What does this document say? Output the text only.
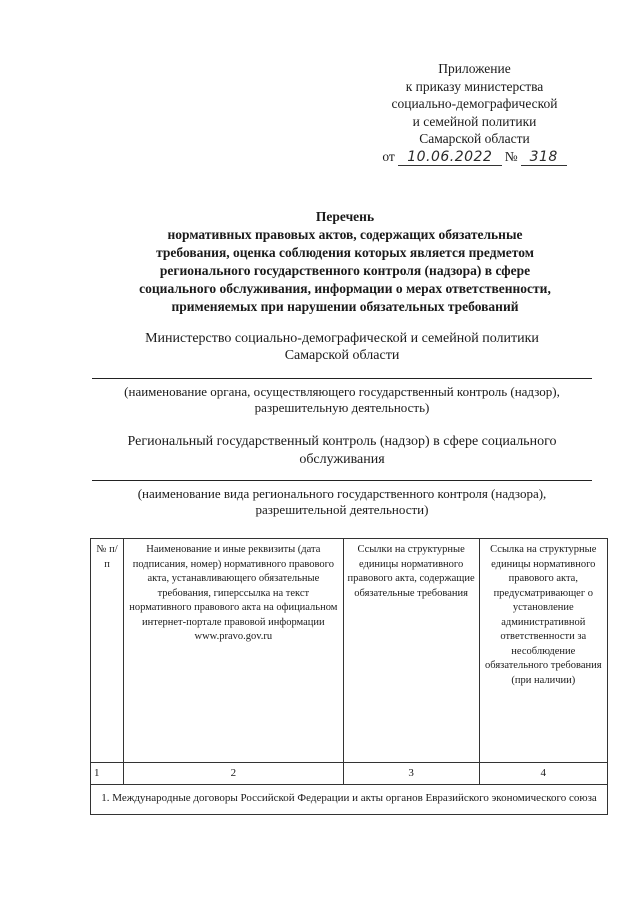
Приложение
к приказу министерства
социально-демографической
и семейной политики
Самарской области
от 10.06.2022 № 318
Перечень
нормативных правовых актов, содержащих обязательные
требования, оценка соблюдения которых является предметом
регионального государственного контроля (надзора) в сфере
социального обслуживания, информации о мерах ответственности,
применяемых при нарушении обязательных требований
Министерство социально-демографической и семейной политики
Самарской области
(наименование органа, осуществляющего государственный контроль (надзор),
разрешительную деятельность)
Региональный государственный контроль (надзор) в сфере социального
обслуживания
(наименование вида регионального государственного контроля (надзора),
разрешительной деятельности)
№ п/п	Наименование и иные реквизиты (дата подписания, номер) нормативного правового акта, устанавливающего обязательные требования, гиперссылка на текст нормативного правового акта на официальном интернет-портале правовой информации www.pravo.gov.ru	Ссылки на структурные единицы нормативного правового акта, содержащие обязательные требования	Ссылка на структурные единицы нормативного правового акта, предусматривающег о установление административной ответственности за несоблюдение обязательного требования (при наличии)
1	2	3	4
1. Международные договоры Российской Федерации и акты органов Евразийского экономического союза			
